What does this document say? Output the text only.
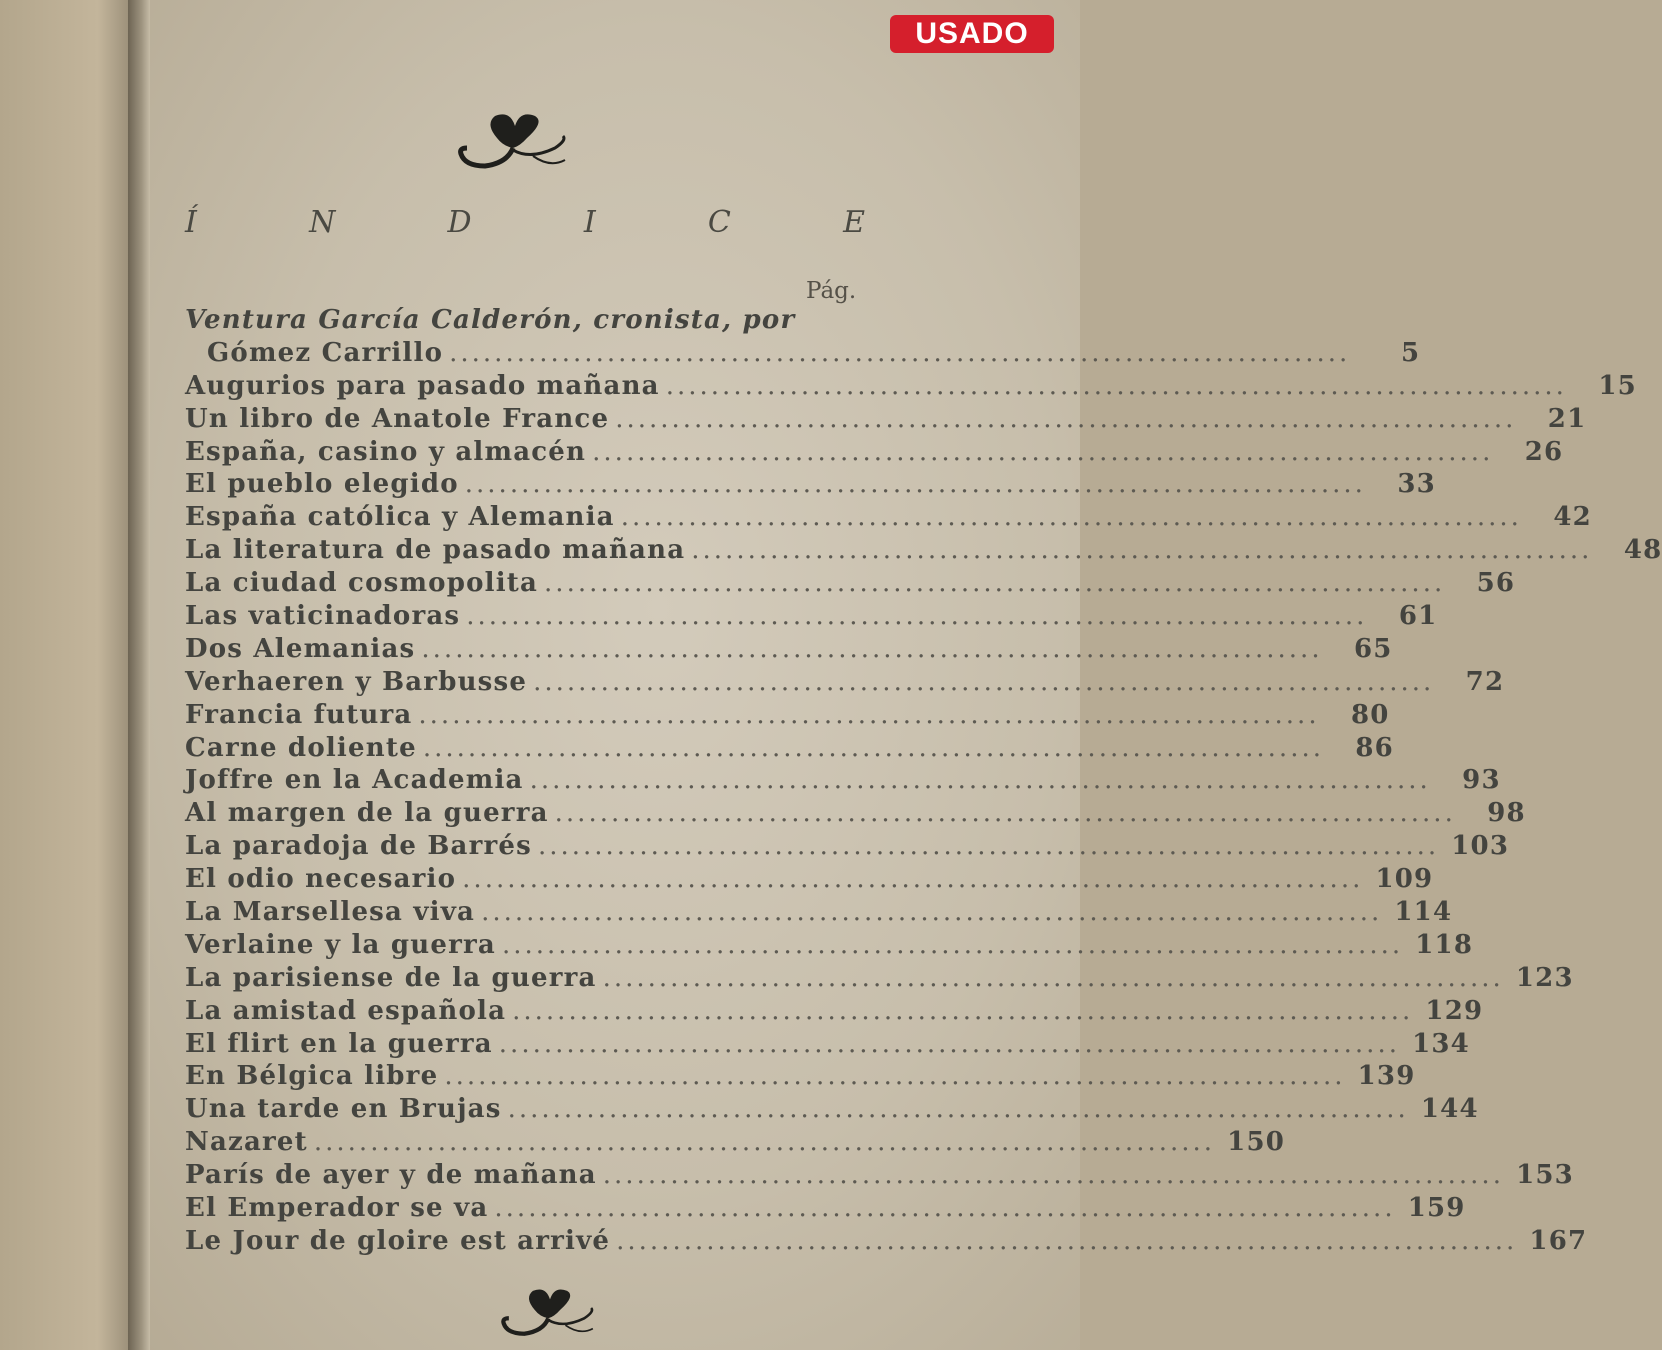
USADO
Í	N	D	I	C	E
Pág.
Ventura García Calderón, cronista, por
Gómez Carrillo ................................................................................	5
Augurios para pasado mañana ................................................................................	15
Un libro de Anatole France ................................................................................	21
España, casino y almacén ................................................................................	26
El pueblo elegido ................................................................................	33
España católica y Alemania ................................................................................	42
La literatura de pasado mañana ................................................................................	48
La ciudad cosmopolita ................................................................................	56
Las vaticinadoras ................................................................................	61
Dos Alemanias ................................................................................	65
Verhaeren y Barbusse ................................................................................	72
Francia futura ................................................................................	80
Carne doliente ................................................................................	86
Joffre en la Academia ................................................................................	93
Al margen de la guerra ................................................................................	98
La paradoja de Barrés ................................................................................ 103
El odio necesario ................................................................................ 109
La Marsellesa viva ................................................................................ 114
Verlaine y la guerra ................................................................................ 118
La parisiense de la guerra ................................................................................ 123
La amistad española ................................................................................ 129
El flirt en la guerra ................................................................................ 134
En Bélgica libre ................................................................................ 139
Una tarde en Brujas ................................................................................ 144
Nazaret ................................................................................ 150
París de ayer y de mañana ................................................................................ 153
El Emperador se va ................................................................................ 159
Le Jour de gloire est arrivé ................................................................................ 167
